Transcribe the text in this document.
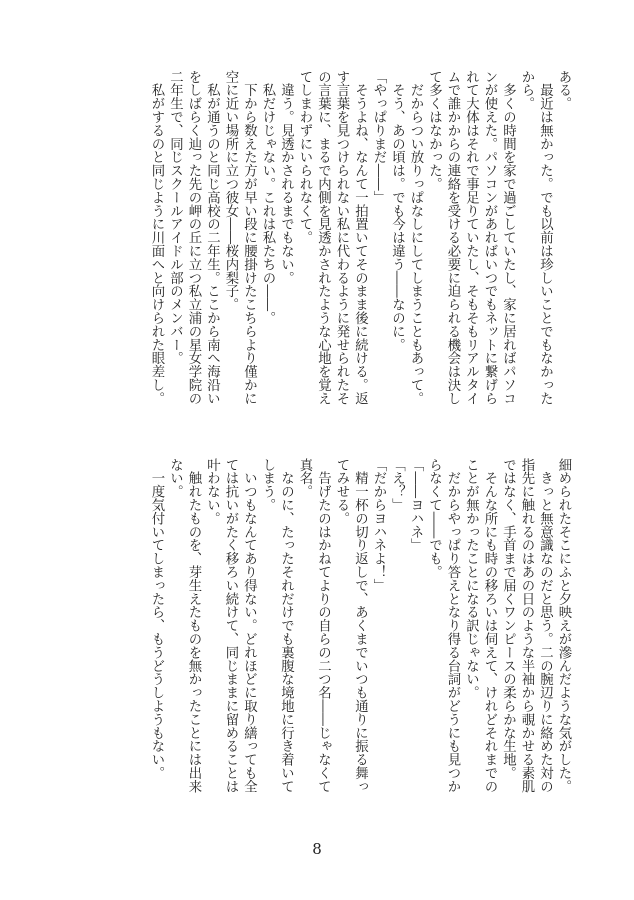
ある。

　最近は無かった。でも以前は珍しいことでもなかった

から。

　多くの時間を家で過ごしていたし、家に居ればパソコ

ンが使えた。パソコンがあればいつでもネットに繋げら

れて大体はそれで事足りていたし、そもそもリアルタイ

ムで誰かからの連絡を受ける必要に迫られる機会は決し

て多くはなかった。

　だからつい放りっぱなしにしてしまうこともあって。

　そう、あの頃は。でも今は違う――なのに。

「やっぱりまだ――」

　そうよね、なんて一拍置いてそのまま後に続ける。返

す言葉を見つけられない私に代わるように発せられたそ

の言葉に、まるで内側を見透かされたような心地を覚え

てしまわずにいられなくて。

　違う。見透かされるまでもない。

　私だけじゃない。これは私たちの――。

　下から数えた方が早い段に腰掛けたこちらより僅かに

空に近い場所に立つ彼女――桜内梨子。

　私が通うのと同じ高校の二年生。ここから南へ海沿い

をしばらく辿った先の岬の丘に立つ私立浦の星女学院の

二年生で、同じスクールアイドル部のメンバー。

　私がするのと同じように川面へと向けられた眼差し。

細められたそこにふと夕映えが滲んだような気がした。

　きっと無意識なのだと思う。二の腕辺りに絡めた対の

指先に触れるのはあの日のような半袖から覗かせる素肌

ではなく、手首まで届くワンピースの柔らかな生地。

　そんな所にも時の移ろいは伺えて、けれどそれまでの

ことが無かったことになる訳じゃない。

　だからやっぱり答えとなり得る台詞がどうにも見つか

らなくて――でも。

「――ヨハネ」

「え？」

「だからヨハネよ！」

　精一杯の切り返しで、あくまでいつも通りに振る舞っ

てみせる。

　告げたのはかねてよりの自らの二つ名――じゃなくて

真名。

　なのに、たったそれだけでも裏腹な境地に行き着いて

しまう。

　いつもなんてあり得ない。どれほどに取り繕っても全

ては抗いがたく移ろい続けて、同じままに留めることは

叶わない。

　触れたものを、芽生えたものを無かったことには出来

ない。

　一度気付いてしまったら、もうどうしようもない。

8
